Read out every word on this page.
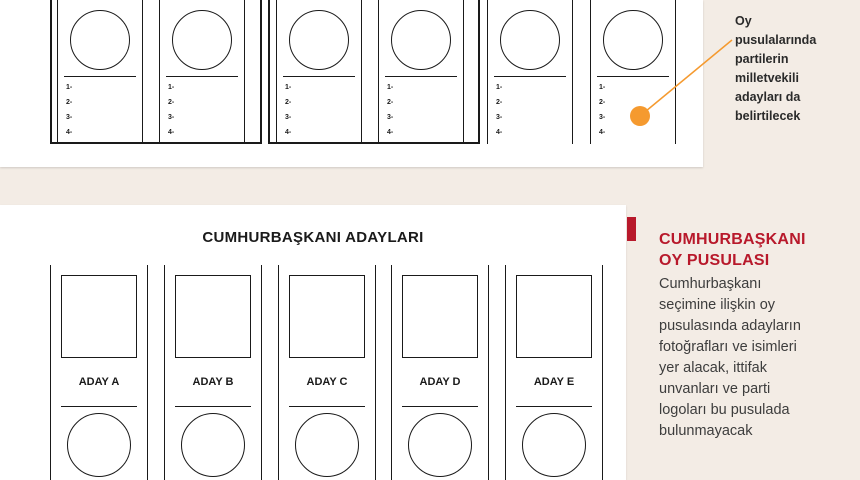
1-
2-
3-
4-
1-
2-
3-
4-
1-
2-
3-
4-
1-
2-
3-
4-
1-
2-
3-
4-
1-
2-
3-
4-
Oy
pusulalarında
partilerin
milletvekili
adayları da
belirtilecek
CUMHURBAŞKANI ADAYLARI
ADAY A	ADAY B	ADAY C	ADAY D	ADAY E
CUMHURBAŞKANI
OY PUSULASI
Cumhurbaşkanı
seçimine ilişkin oy
pusulasında adayların
fotoğrafları ve isimleri
yer alacak, ittifak
unvanları ve parti
logoları bu pusulada
bulunmayacak
